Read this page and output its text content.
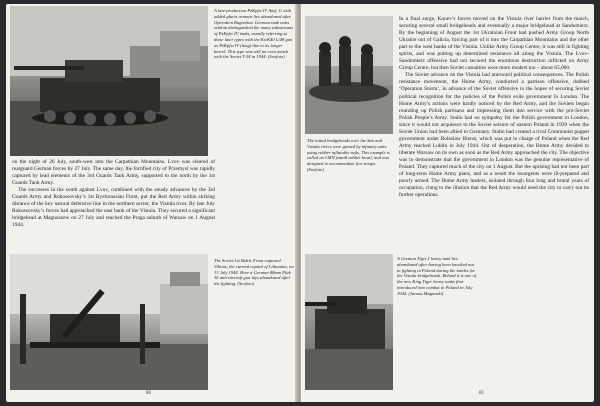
A late-production PzKpfw IV Ausf. G with added glacis armour lies abandoned after Operation Bagration. German tank units seldom distinguished the many subvariants of PzKpfw IV tanks, usually referring to these later types with the KwK40 L/48 gun as PzKpfw IV (lang) due to its longer barrel. This type was still an even match with the Soviet T-34 in 1944. (Sovfoto)

on the night of 26 July, south-west into the Carpathian Mountains. Lvov was cleared of rearguard German forces by 27 July. The same day, the fortified city of Przemysl was rapidly captured by lead elements of the 3rd Guards Tank Army, supported to the north by the 1st Guards Tank Army.

The successes in the south against Lvov, combined with the steady advances by the 3rd Guards Army and Rokossovsky’s 1st Byelorussian Front, put the Red Army within striking distance of the key natural defensive line in the northern sector, the Vistula river. By late July Rokossovsky’s forces had approached the east bank of the Vistula. They secured a significant bridgehead at Magnuszew on 27 July and reached the Praga suburb of Warsaw on 1 August 1944.

The Soviet 1st Baltic Front captured Vilnius, the current capital of Lithuania, on 13 July 1944. Here a German 88mm Flak 36 anti-aircraft gun lays abandoned after the fighting. (Sovfoto)

80

The initial bridgeheads over the San and Vistula rivers were gained by infantry units using rubber inflatable rafts. This example is called an LMN (small rubber boat), and was designed to accommodate five troops. (Sovfoto)

A German Tiger I heavy tank lies abandoned after having been knocked out in fighting in Poland during the battles for the Vistula bridgeheads. Behind it is one of the new King Tiger heavy tanks first introduced into combat in Poland in July 1944. (Janusz Magnuski)

In a final surge, Konev’s forces moved on the Vistula river barrier from the march, securing several small bridgeheads and eventually a major bridgehead at Sandomierz. By the beginning of August the 1st Ukrainian Front had pushed Army Group North Ukraine out of Galicia, forcing part of it into the Carpathian Mountains and the other part to the west banks of the Vistula. Unlike Army Group Centre, it was still in fighting spirits, and was putting up determined resistance all along the Vistula. The Lvov-Sandomierz offensive had not secured the enormous destruction inflicted on Army Group Centre, but then Soviet casualties were more modest too – about 65,000.

The Soviet advance on the Vistula had untoward political consequences. The Polish resistance movement, the Home Army, conducted a partisan offensive, dubbed ‘Operation Storm’, in advance of the Soviet offensive in the hopes of securing Soviet political recognition for the policies of the Polish exile government in London. The Home Army’s actions were hardly noticed by the Red Army, and the Soviets began rounding up Polish partisans and impressing them into service with the pro-Soviet Polish People’s Army. Stalin had no sympathy for the Polish government in London, since it would not acquiesce to the Soviet seizure of eastern Poland in 1939 when the Soviet Union had been allied to Germany. Stalin had created a rival Communist puppet government under Boleslaw Bierut, which was put in charge of Poland when the Red Army reached Lublin in July 1944. Out of desperation, the Home Army decided to liberate Warsaw on its own as soon as the Red Army approached the city. The objective was to demonstrate that the government in London was the genuine representative of Poland. They captured much of the city on 1 August. But the uprising had not been part of long-term Home Army plans, and as a result the insurgents were ill-prepared and poorly armed. The Home Army leaders, isolated through four long and brutal years of occupation, clung to the illusion that the Red Army would need the city to carry out its further operations.

81
